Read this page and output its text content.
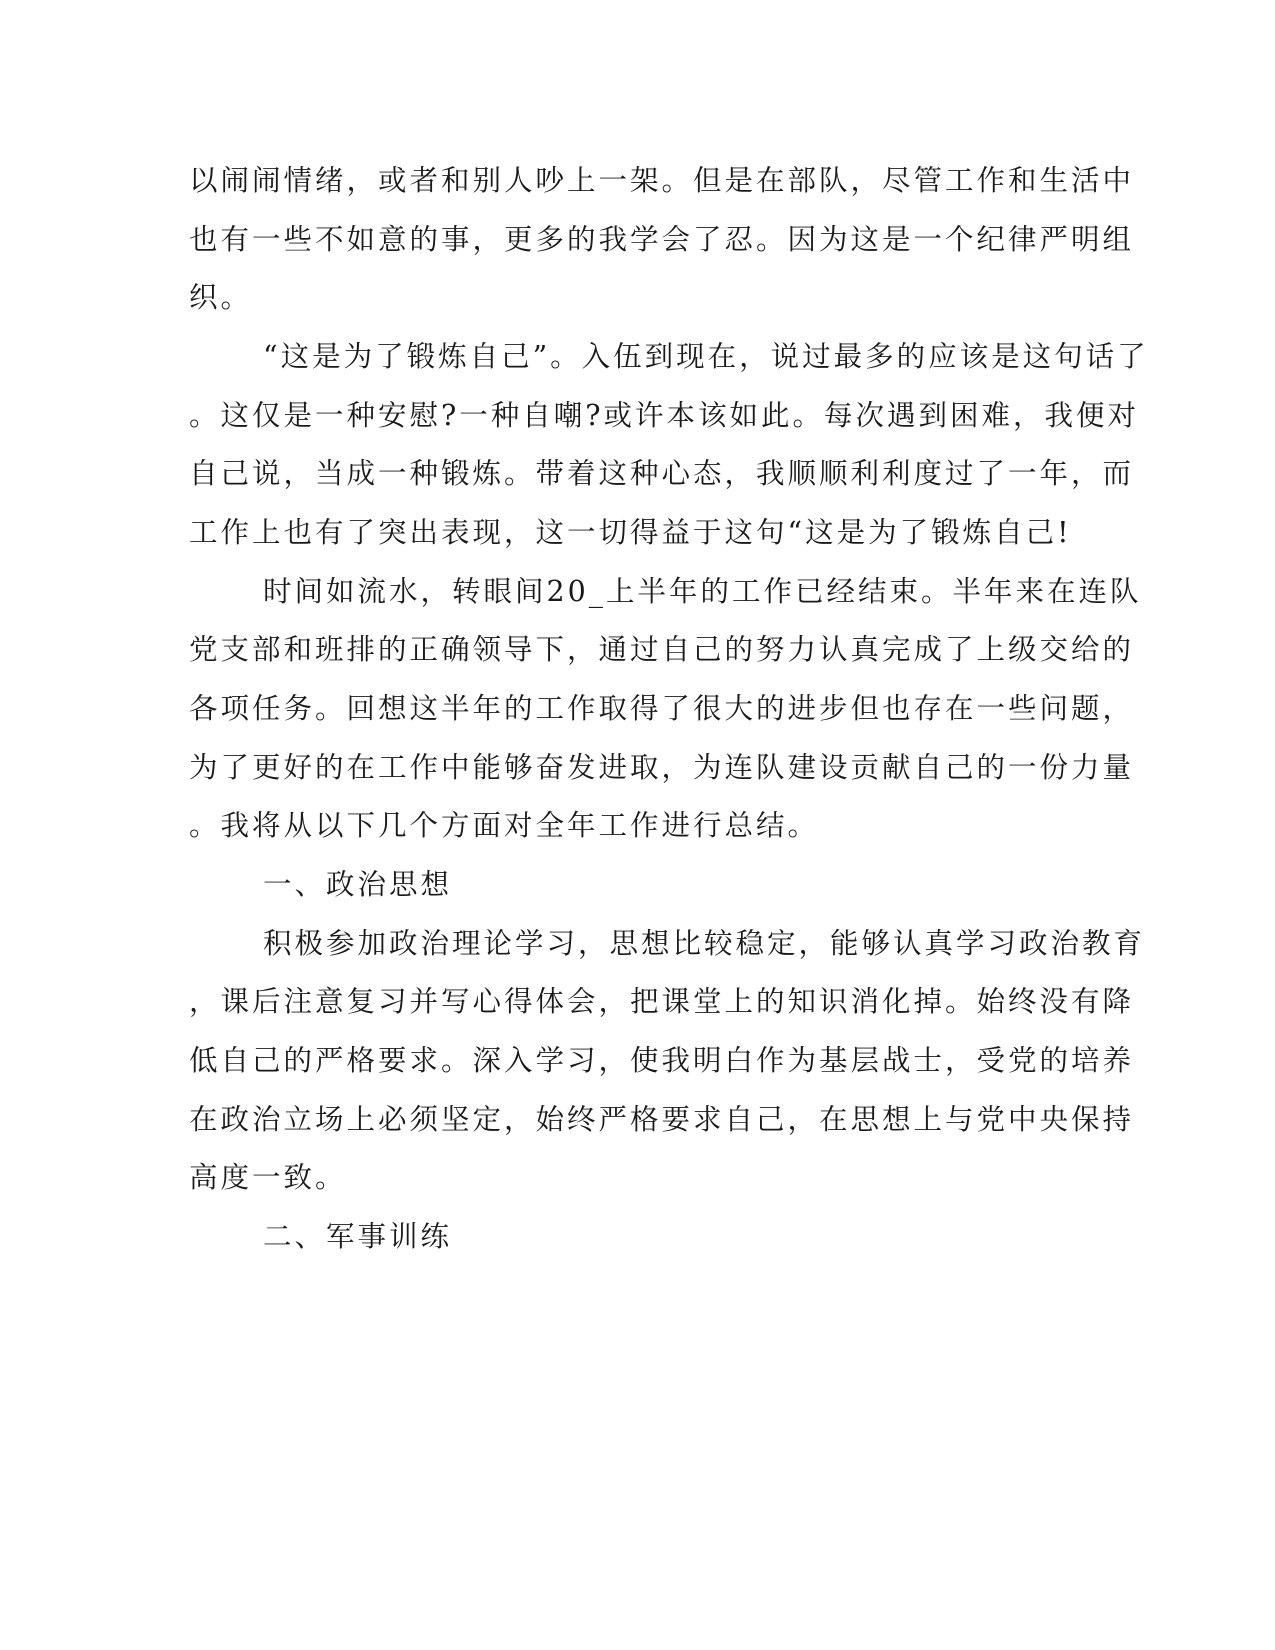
以闹闹情绪，或者和别人吵上一架。但是在部队，尽管工作和生活中
也有一些不如意的事，更多的我学会了忍。因为这是一个纪律严明组
织。
“这是为了锻炼自己”。入伍到现在，说过最多的应该是这句话了
。这仅是一种安慰?一种自嘲?或许本该如此。每次遇到困难，我便对
自己说，当成一种锻炼。带着这种心态，我顺顺利利度过了一年，而
工作上也有了突出表现，这一切得益于这句“这是为了锻炼自己!
时间如流水，转眼间20_上半年的工作已经结束。半年来在连队
党支部和班排的正确领导下，通过自己的努力认真完成了上级交给的
各项任务。回想这半年的工作取得了很大的进步但也存在一些问题，
为了更好的在工作中能够奋发进取，为连队建设贡献自己的一份力量
。我将从以下几个方面对全年工作进行总结。
一、政治思想
积极参加政治理论学习，思想比较稳定，能够认真学习政治教育
，课后注意复习并写心得体会，把课堂上的知识消化掉。始终没有降
低自己的严格要求。深入学习，使我明白作为基层战士，受党的培养
在政治立场上必须坚定，始终严格要求自己，在思想上与党中央保持
高度一致。
二、军事训练
